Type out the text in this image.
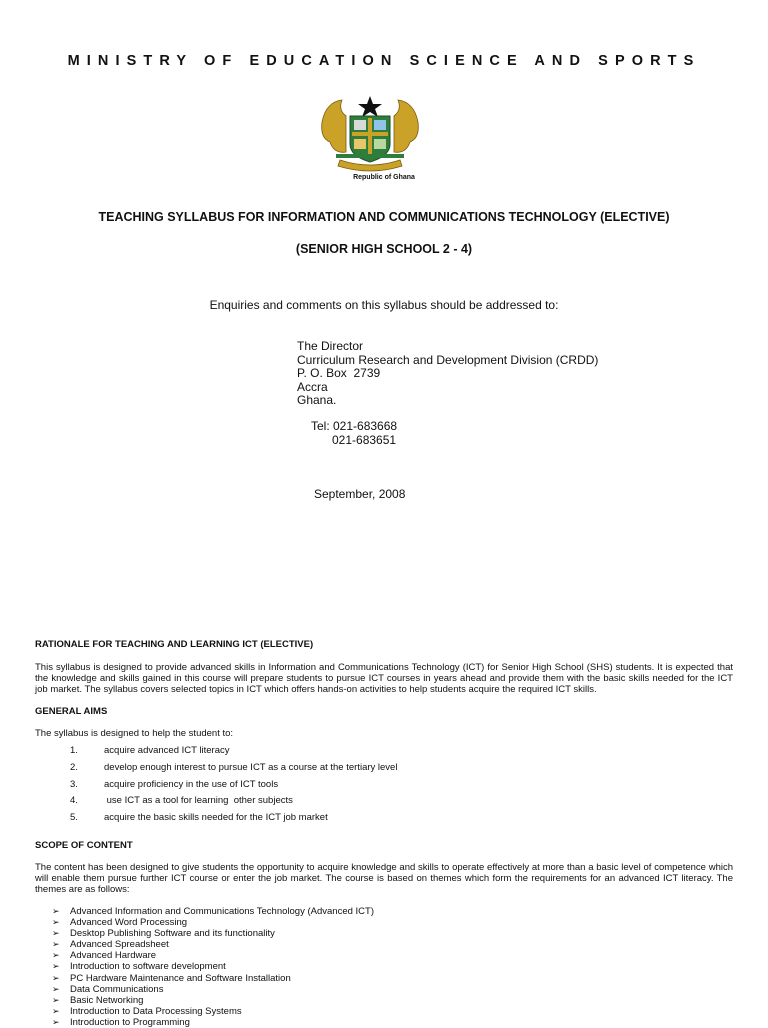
MINISTRY OF EDUCATION SCIENCE AND SPORTS
Republic of Ghana
TEACHING SYLLABUS FOR INFORMATION AND COMMUNICATIONS TECHNOLOGY (ELECTIVE)
(SENIOR HIGH SCHOOL 2 - 4)
Enquiries and comments on this syllabus should be addressed to:
The Director
Curriculum Research and Development Division (CRDD)
P. O. Box  2739
Accra
Ghana.
Tel: 021-683668
021-683651
September, 2008
RATIONALE FOR TEACHING AND LEARNING ICT (ELECTIVE)
This syllabus is designed to provide advanced skills in Information and Communications Technology (ICT) for Senior High School (SHS) students. It is expected that the knowledge and skills gained in this course will prepare students to pursue ICT courses in years ahead and provide them with the basic skills needed for the ICT job market. The syllabus covers selected topics in ICT which offers hands-on activities to help students acquire the required ICT skills.
GENERAL AIMS
The syllabus is designed to help the student to:
1.	acquire advanced ICT literacy
2.	develop enough interest to pursue ICT as a course at the tertiary level
3.	acquire proficiency in the use of ICT tools
4.	use ICT as a tool for learning  other subjects
5.	acquire the basic skills needed for the ICT job market
SCOPE OF CONTENT
The content has been designed to give students the opportunity to acquire knowledge and skills to operate effectively at more than a basic level of competence which will enable them pursue further ICT course or enter the job market. The course is based on themes which form the requirements for an advanced ICT literacy. The themes are as follows:
➢ Advanced Information and Communications Technology (Advanced ICT)
➢ Advanced Word Processing
➢ Desktop Publishing Software and its functionality
➢ Advanced Spreadsheet
➢ Advanced Hardware
➢ Introduction to software development
➢ PC Hardware Maintenance and Software Installation
➢ Data Communications
➢ Basic Networking
➢ Introduction to Data Processing Systems
➢ Introduction to Programming
